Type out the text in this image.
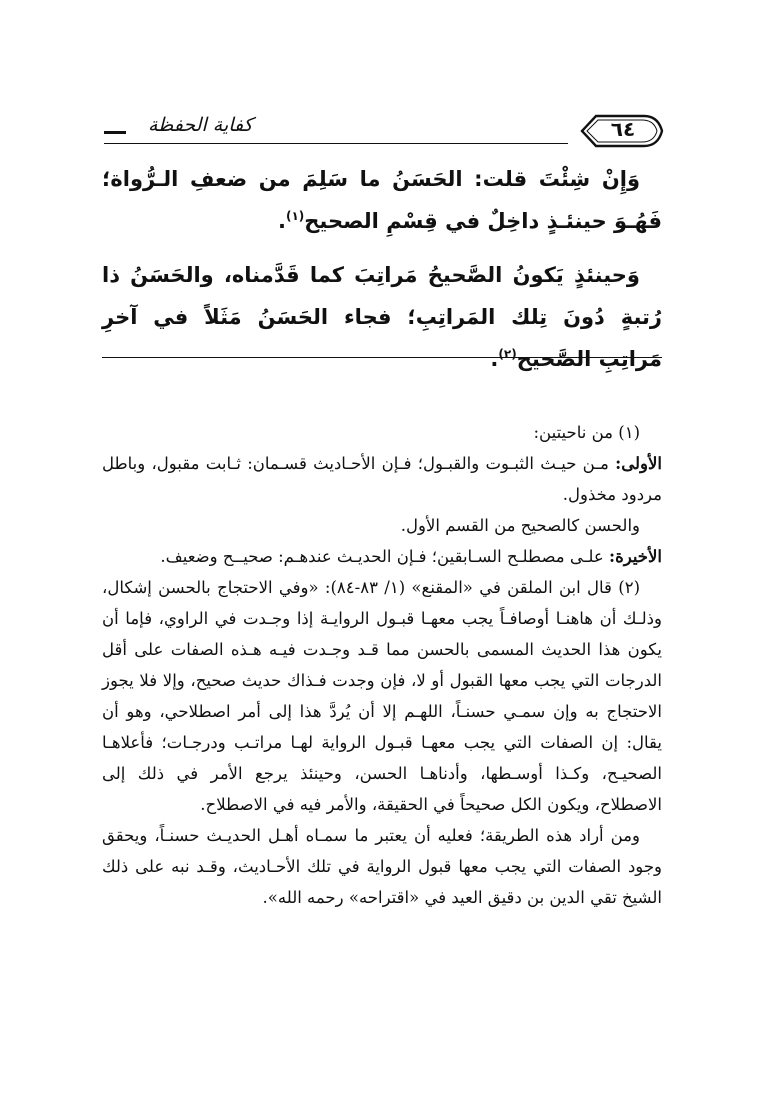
كفاية الحفظة	٦٤

وَإِنْ شِئْتَ قلت: الحَسَنُ ما سَلِمَ من ضعفِ الـرُّواة؛ فَهُـوَ حينئـذٍ داخِلٌ في قِسْمِ الصحيح$^{(١)}$.

وَحينئذٍ يَكونُ الصَّحيحُ مَراتِبَ كما قَدَّمناه، والحَسَنُ ذا رُتبةٍ دُونَ تِلك المَراتِبِ؛ فجاء الحَسَنُ مَثَلاً في آخرِ مَراتِبِ الصَّحيح$^{(٢)}$.

(١) من ناحيتين:

الأولى: مـن حيـث الثبـوت والقبـول؛ فـإن الأحـاديث قسـمان: ثـابت مقبول، وباطل مردود مخذول.

والحسن كالصحيح من القسم الأول.

الأخيرة: علـى مصطلـح السـابقين؛ فـإن الحديـث عندهـم: صحيــح وضعيف.

(٢) قال ابن الملقن في «المقنع» (١/ ٨٣-٨٤): «وفي الاحتجاج بالحسن إشكال، وذلـك أن هاهنـا أوصافـاً يجب معهـا قبـول الروايـة إذا وجـدت في الراوي، فإما أن يكون هذا الحديث المسمى بالحسن مما قـد وجـدت فيـه هـذه الصفات على أقل الدرجات التي يجب معها القبول أو لا، فإن وجدت فـذاك حديث صحيح، وإلا فلا يجوز الاحتجاج به وإن سمـي حسنـاً، اللهـم إلا أن يُردَّ هذا إلى أمر اصطلاحي، وهو أن يقال: إن الصفات التي يجب معهـا قبـول الرواية لهـا مراتـب ودرجـات؛ فأعلاهـا الصحيـح، وكـذا أوسـطها، وأدناهـا الحسن، وحينئذ يرجع الأمر في ذلك إلى الاصطلاح، ويكون الكل صحيحاً في الحقيقة، والأمر فيه في الاصطلاح.

ومن أراد هذه الطريقة؛ فعليه أن يعتبر ما سمـاه أهـل الحديـث حسنـاً، ويحقق وجود الصفات التي يجب معها قبول الرواية في تلك الأحـاديث، وقـد نبه على ذلك الشيخ تقي الدين بن دقيق العيد في «اقتراحه» رحمه الله».
